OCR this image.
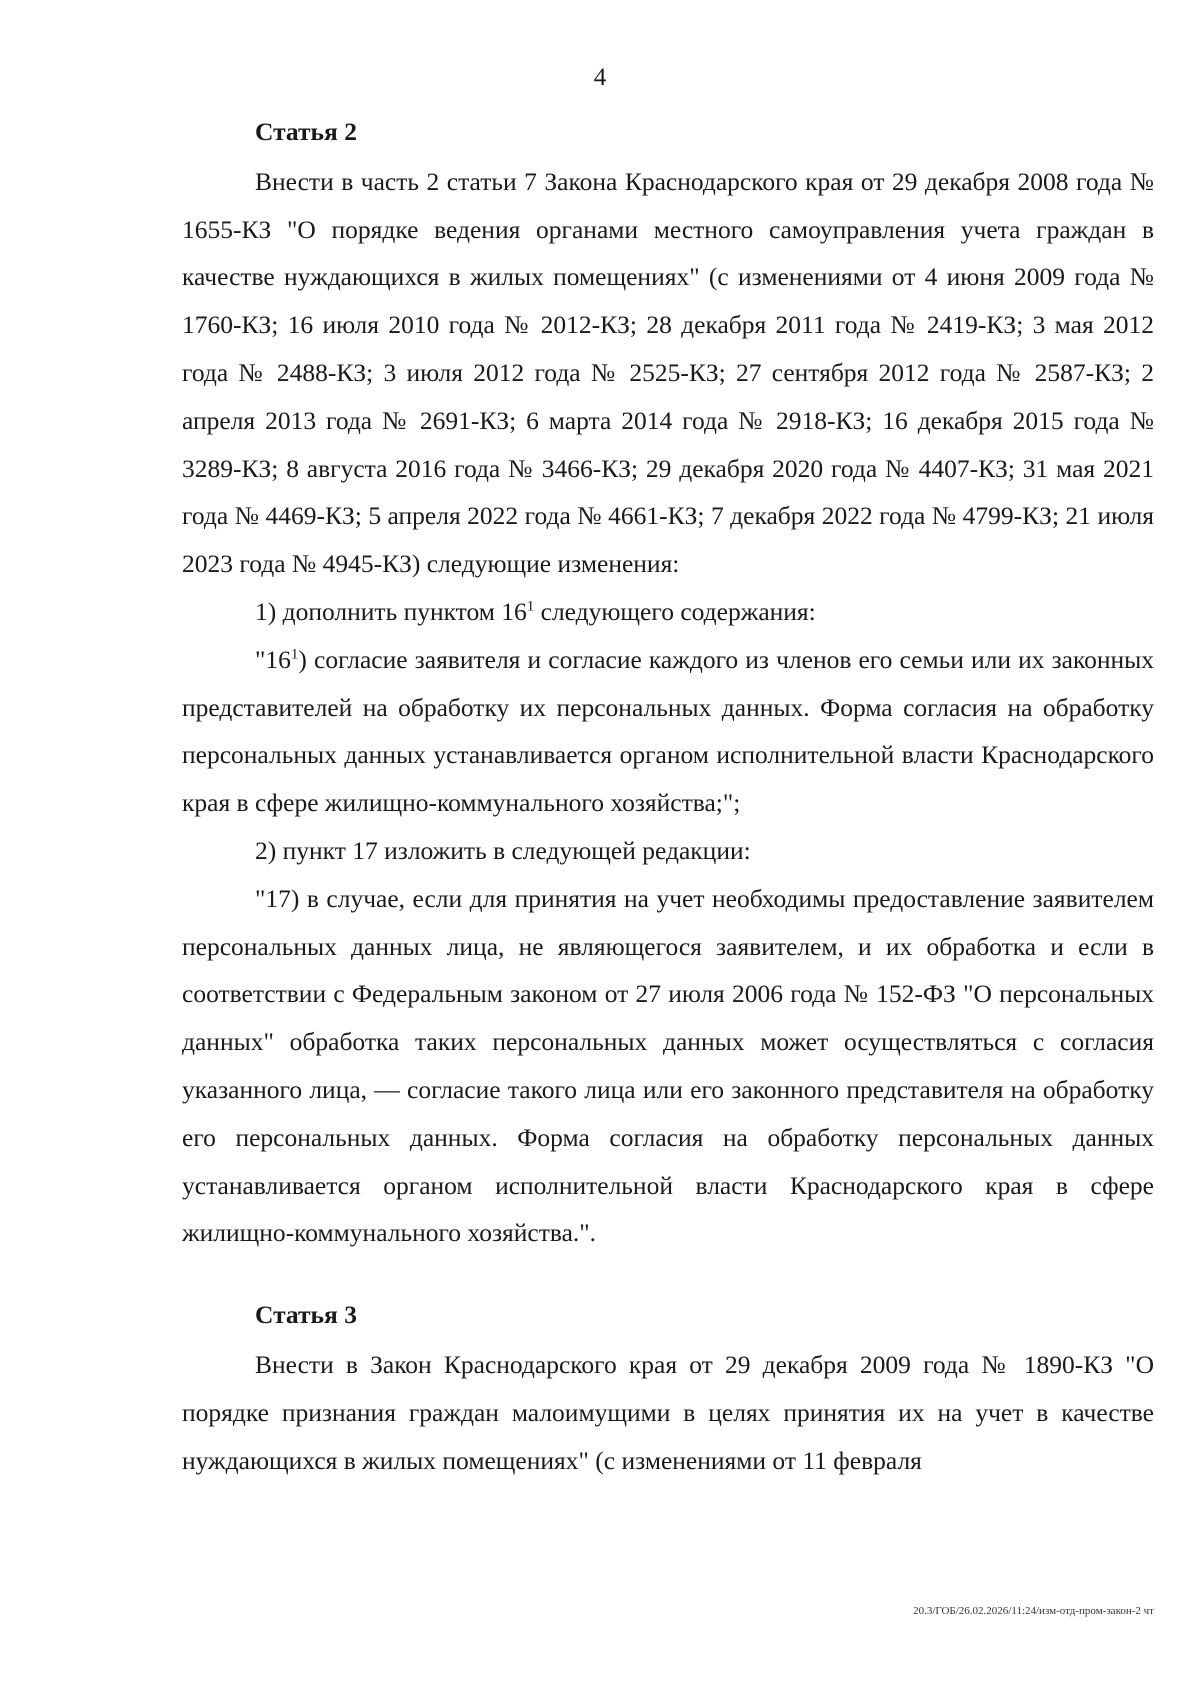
4

Статья 2

Внести в часть 2 статьи 7 Закона Краснодарского края от 29 декабря 2008 года № 1655-КЗ "О порядке ведения органами местного самоуправления учета граждан в качестве нуждающихся в жилых помещениях" (с изменениями от 4 июня 2009 года № 1760-КЗ; 16 июля 2010 года № 2012-КЗ; 28 декабря 2011 года № 2419-КЗ; 3 мая 2012 года № 2488-КЗ; 3 июля 2012 года № 2525-КЗ; 27 сентября 2012 года № 2587-КЗ; 2 апреля 2013 года № 2691-КЗ; 6 марта 2014 года № 2918-КЗ; 16 декабря 2015 года № 3289-КЗ; 8 августа 2016 года № 3466-КЗ; 29 декабря 2020 года № 4407-КЗ; 31 мая 2021 года № 4469-КЗ; 5 апреля 2022 года № 4661-КЗ; 7 декабря 2022 года № 4799-КЗ; 21 июля 2023 года № 4945-КЗ) следующие изменения:

1) дополнить пунктом $16^1$ следующего содержания:

"$16^1$) согласие заявителя и согласие каждого из членов его семьи или их законных представителей на обработку их персональных данных. Форма согласия на обработку персональных данных устанавливается органом исполнительной власти Краснодарского края в сфере жилищно-коммунального хозяйства;";

2) пункт 17 изложить в следующей редакции:

"17) в случае, если для принятия на учет необходимы предоставление заявителем персональных данных лица, не являющегося заявителем, и их обработка и если в соответствии с Федеральным законом от 27 июля 2006 года № 152-ФЗ "О персональных данных" обработка таких персональных данных может осуществляться с согласия указанного лица, — согласие такого лица или его законного представителя на обработку его персональных данных. Форма согласия на обработку персональных данных устанавливается органом исполнительной власти Краснодарского края в сфере жилищно-коммунального хозяйства.".

Статья 3

Внести в Закон Краснодарского края от 29 декабря 2009 года № 1890-КЗ "О порядке признания граждан малоимущими в целях принятия их на учет в качестве нуждающихся в жилых помещениях" (с изменениями от 11 февраля

20.3/ГОБ/26.02.2026/11:24/изм-отд-пром-закон-2 чт
